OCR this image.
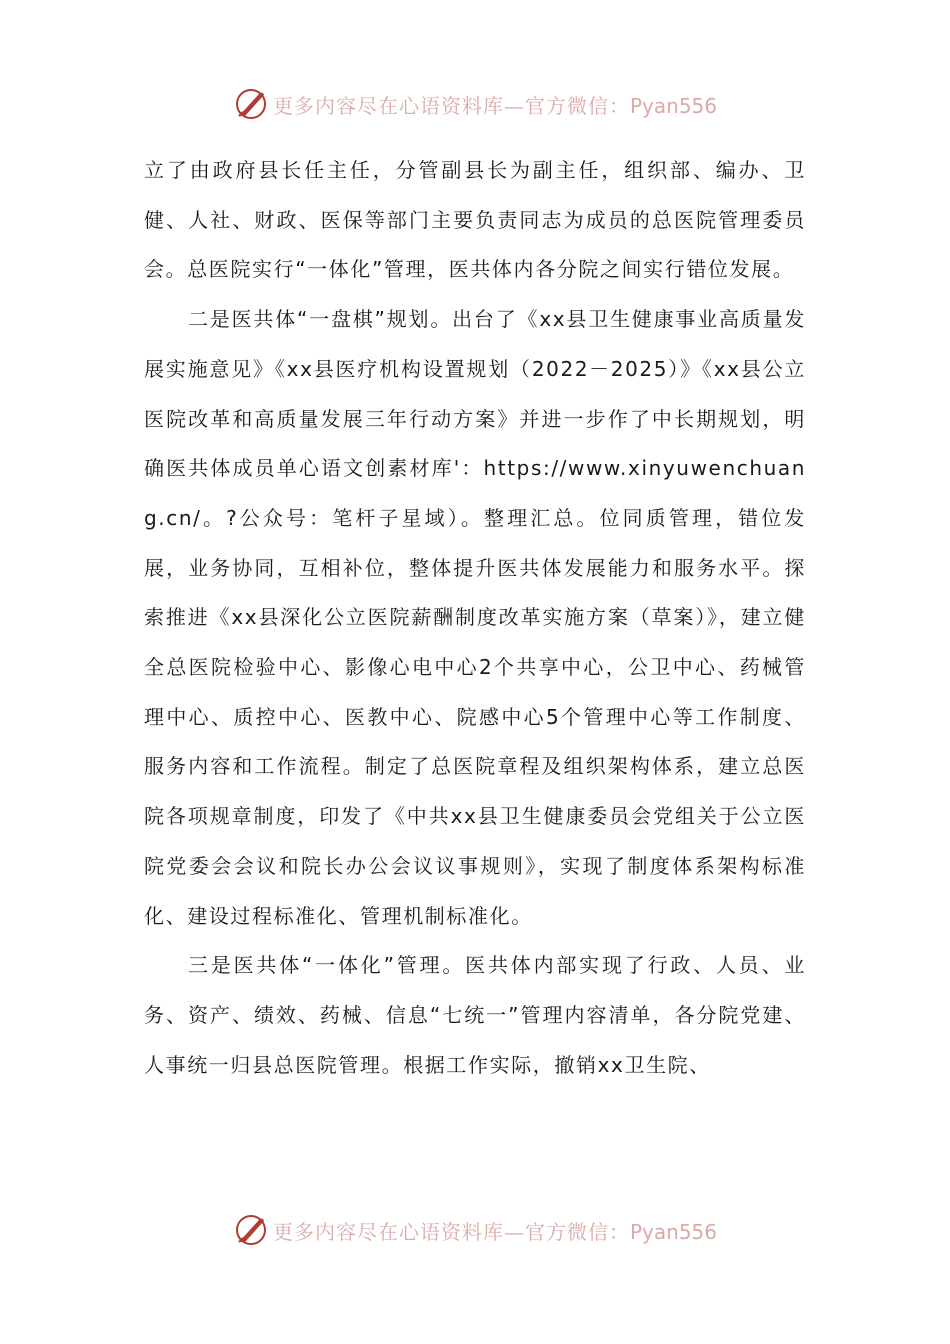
更多内容尽在心语资料库—官方微信：Pyan556

立了由政府县长任主任，分管副县长为副主任，组织部、编办、卫健、人社、财政、医保等部门主要负责同志为成员的总医院管理委员会。总医院实行“一体化”管理，医共体内各分院之间实行错位发展。

二是医共体“一盘棋”规划。出台了《xx县卫生健康事业高质量发展实施意见》《xx县医疗机构设置规划（2022－2025）》《xx县公立医院改革和高质量发展三年行动方案》并进一步作了中长期规划，明确医共体成员单心语文创素材库'：https://www.xinyuwenchuang.cn/。?公众号：笔杆子星域）。整理汇总。位同质管理，错位发展，业务协同，互相补位，整体提升医共体发展能力和服务水平。探索推进《xx县深化公立医院薪酬制度改革实施方案（草案）》，建立健全总医院检验中心、影像心电中心2个共享中心，公卫中心、药械管理中心、质控中心、医教中心、院感中心5个管理中心等工作制度、服务内容和工作流程。制定了总医院章程及组织架构体系，建立总医院各项规章制度，印发了《中共xx县卫生健康委员会党组关于公立医院党委会会议和院长办公会议议事规则》，实现了制度体系架构标准化、建设过程标准化、管理机制标准化。

三是医共体“一体化”管理。医共体内部实现了行政、人员、业务、资产、绩效、药械、信息“七统一”管理内容清单，各分院党建、人事统一归县总医院管理。根据工作实际，撤销xx卫生院、

更多内容尽在心语资料库—官方微信：Pyan556
